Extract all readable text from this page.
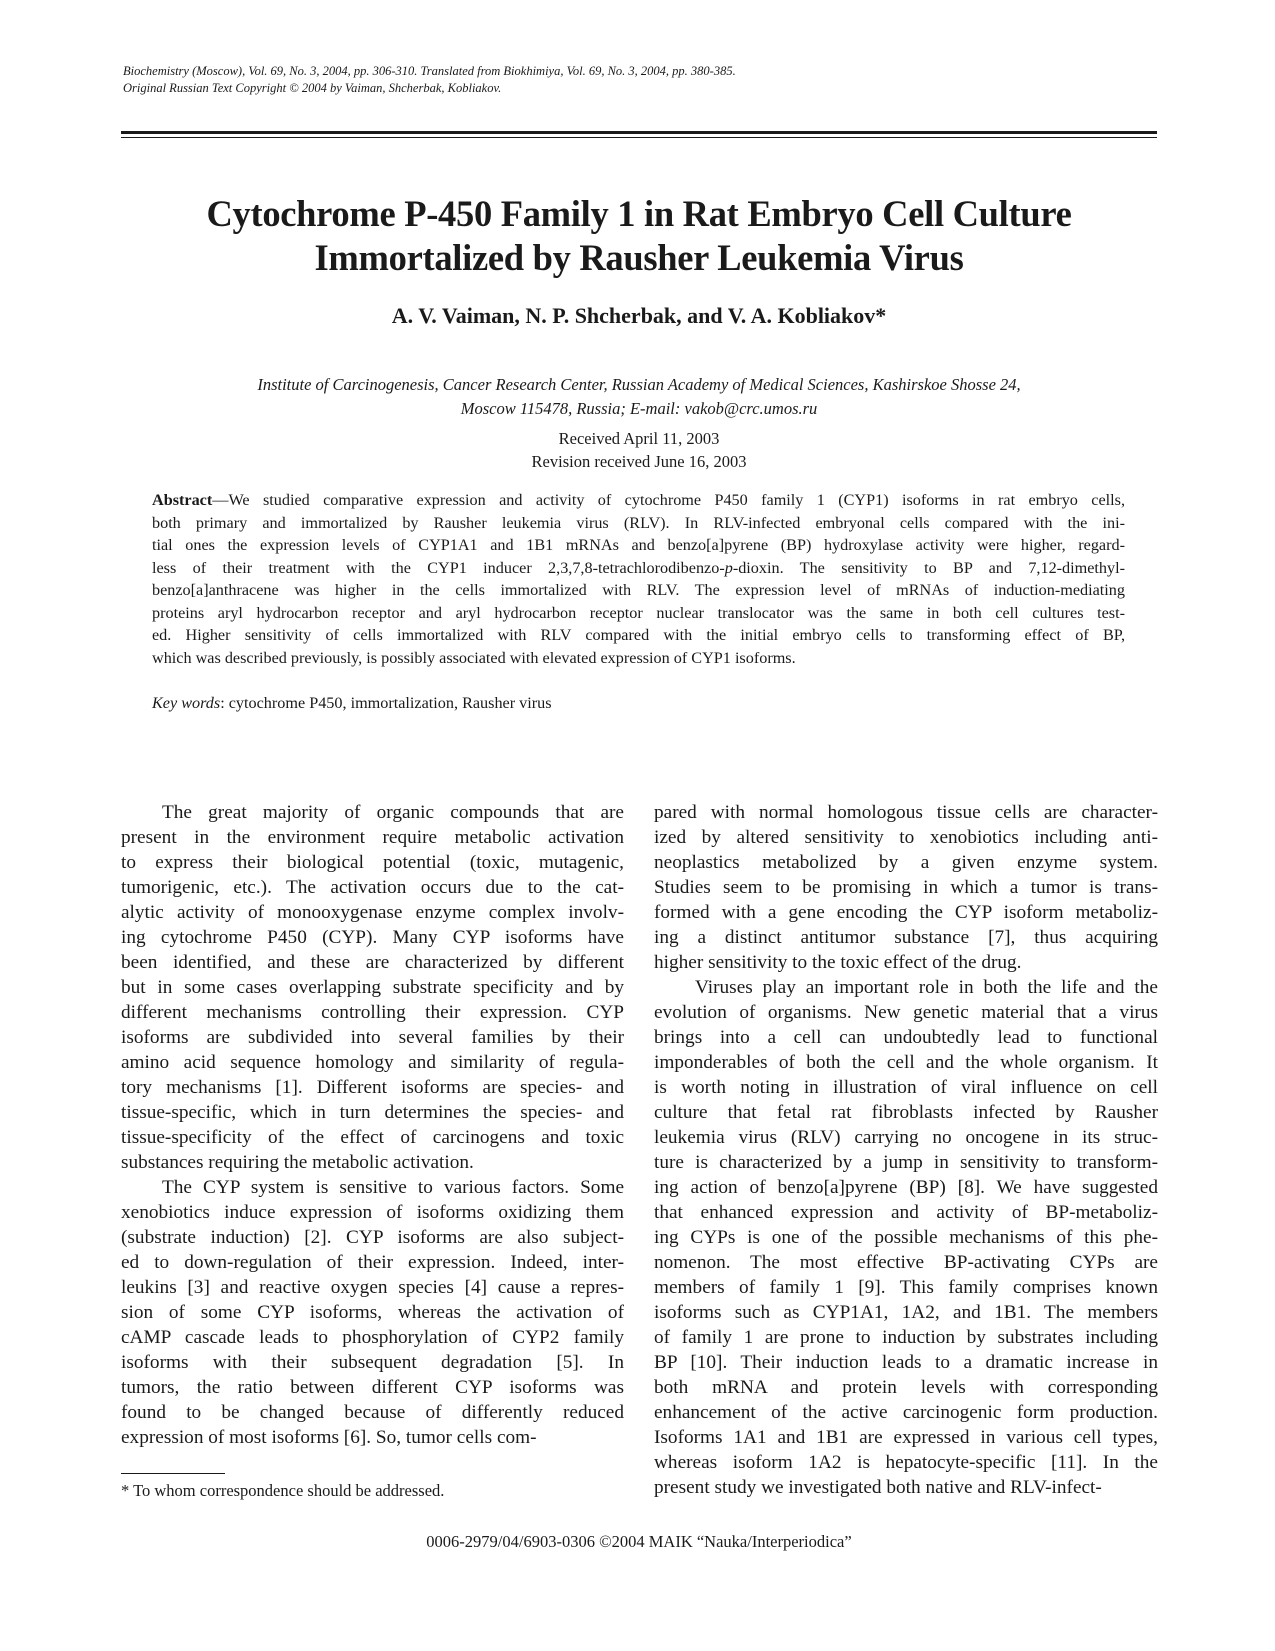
Biochemistry (Moscow), Vol. 69, No. 3, 2004, pp. 306-310. Translated from Biokhimiya, Vol. 69, No. 3, 2004, pp. 380-385.
Original Russian Text Copyright © 2004 by Vaiman, Shcherbak, Kobliakov.
Cytochrome P-450 Family 1 in Rat Embryo Cell Culture
Immortalized by Rausher Leukemia Virus
A. V. Vaiman, N. P. Shcherbak, and V. A. Kobliakov*
Institute of Carcinogenesis, Cancer Research Center, Russian Academy of Medical Sciences, Kashirskoe Shosse 24,
Moscow 115478, Russia; E-mail: vakob@crc.umos.ru
Received April 11, 2003
Revision received June 16, 2003
Abstract—We studied comparative expression and activity of cytochrome P450 family 1 (CYP1) isoforms in rat embryo cells,
both primary and immortalized by Rausher leukemia virus (RLV). In RLV-infected embryonal cells compared with the ini-
tial ones the expression levels of CYP1A1 and 1B1 mRNAs and benzo[a]pyrene (BP) hydroxylase activity were higher, regard-
less of their treatment with the CYP1 inducer 2,3,7,8-tetrachlorodibenzo-p-dioxin. The sensitivity to BP and 7,12-dimethyl-
benzo[a]anthracene was higher in the cells immortalized with RLV. The expression level of mRNAs of induction-mediating
proteins aryl hydrocarbon receptor and aryl hydrocarbon receptor nuclear translocator was the same in both cell cultures test-
ed. Higher sensitivity of cells immortalized with RLV compared with the initial embryo cells to transforming effect of BP,
which was described previously, is possibly associated with elevated expression of CYP1 isoforms.
Key words: cytochrome P450, immortalization, Rausher virus
The great majority of organic compounds that are
present in the environment require metabolic activation
to express their biological potential (toxic, mutagenic,
tumorigenic, etc.). The activation occurs due to the cat-
alytic activity of monooxygenase enzyme complex involv-
ing cytochrome P450 (CYP). Many CYP isoforms have
been identified, and these are characterized by different
but in some cases overlapping substrate specificity and by
different mechanisms controlling their expression. CYP
isoforms are subdivided into several families by their
amino acid sequence homology and similarity of regula-
tory mechanisms [1]. Different isoforms are species- and
tissue-specific, which in turn determines the species- and
tissue-specificity of the effect of carcinogens and toxic
substances requiring the metabolic activation.
The CYP system is sensitive to various factors. Some
xenobiotics induce expression of isoforms oxidizing them
(substrate induction) [2]. CYP isoforms are also subject-
ed to down-regulation of their expression. Indeed, inter-
leukins [3] and reactive oxygen species [4] cause a repres-
sion of some CYP isoforms, whereas the activation of
cAMP cascade leads to phosphorylation of CYP2 family
isoforms with their subsequent degradation [5]. In
tumors, the ratio between different CYP isoforms was
found to be changed because of differently reduced
expression of most isoforms [6]. So, tumor cells com-
pared with normal homologous tissue cells are character-
ized by altered sensitivity to xenobiotics including anti-
neoplastics metabolized by a given enzyme system.
Studies seem to be promising in which a tumor is trans-
formed with a gene encoding the CYP isoform metaboliz-
ing a distinct antitumor substance [7], thus acquiring
higher sensitivity to the toxic effect of the drug.
Viruses play an important role in both the life and the
evolution of organisms. New genetic material that a virus
brings into a cell can undoubtedly lead to functional
imponderables of both the cell and the whole organism. It
is worth noting in illustration of viral influence on cell
culture that fetal rat fibroblasts infected by Rausher
leukemia virus (RLV) carrying no oncogene in its struc-
ture is characterized by a jump in sensitivity to transform-
ing action of benzo[a]pyrene (BP) [8]. We have suggested
that enhanced expression and activity of BP-metaboliz-
ing CYPs is one of the possible mechanisms of this phe-
nomenon. The most effective BP-activating CYPs are
members of family 1 [9]. This family comprises known
isoforms such as CYP1A1, 1A2, and 1B1. The members
of family 1 are prone to induction by substrates including
BP [10]. Their induction leads to a dramatic increase in
both mRNA and protein levels with corresponding
enhancement of the active carcinogenic form production.
Isoforms 1A1 and 1B1 are expressed in various cell types,
whereas isoform 1A2 is hepatocyte-specific [11]. In the
present study we investigated both native and RLV-infect-
* To whom correspondence should be addressed.
0006-2979/04/6903-0306 ©2004 MAIK “Nauka/Interperiodica”
